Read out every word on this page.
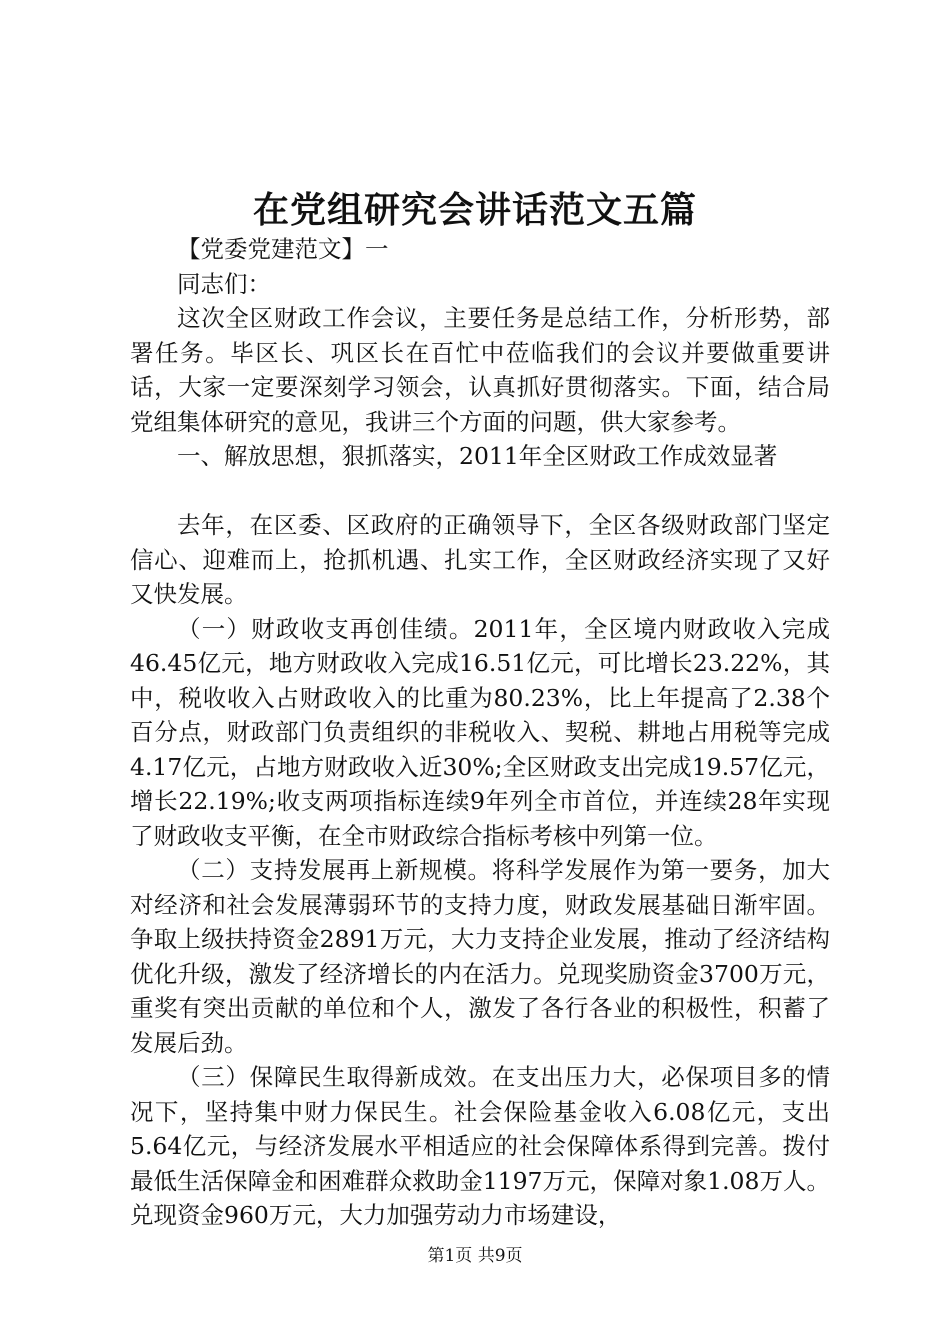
在党组研究会讲话范文五篇

【党委党建范文】一

同志们：

这次全区财政工作会议，主要任务是总结工作，分析形势，部署任务。毕区长、巩区长在百忙中莅临我们的会议并要做重要讲话，大家一定要深刻学习领会，认真抓好贯彻落实。下面，结合局党组集体研究的意见，我讲三个方面的问题，供大家参考。

一、解放思想，狠抓落实，2011年全区财政工作成效显著

去年，在区委、区政府的正确领导下，全区各级财政部门坚定信心、迎难而上，抢抓机遇、扎实工作，全区财政经济实现了又好又快发展。

（一）财政收支再创佳绩。2011年，全区境内财政收入完成46.45亿元，地方财政收入完成16.51亿元，可比增长23.22%，其中，税收收入占财政收入的比重为80.23%，比上年提高了2.38个百分点，财政部门负责组织的非税收入、契税、耕地占用税等完成4.17亿元，占地方财政收入近30%;全区财政支出完成19.57亿元，增长22.19%;收支两项指标连续9年列全市首位，并连续28年实现了财政收支平衡，在全市财政综合指标考核中列第一位。

（二）支持发展再上新规模。将科学发展作为第一要务，加大对经济和社会发展薄弱环节的支持力度，财政发展基础日渐牢固。争取上级扶持资金2891万元，大力支持企业发展，推动了经济结构优化升级，激发了经济增长的内在活力。兑现奖励资金3700万元，重奖有突出贡献的单位和个人，激发了各行各业的积极性，积蓄了发展后劲。

（三）保障民生取得新成效。在支出压力大，必保项目多的情况下，坚持集中财力保民生。社会保险基金收入6.08亿元，支出5.64亿元，与经济发展水平相适应的社会保障体系得到完善。拨付最低生活保障金和困难群众救助金1197万元，保障对象1.08万人。兑现资金960万元，大力加强劳动力市场建设，

第1页 共9页
